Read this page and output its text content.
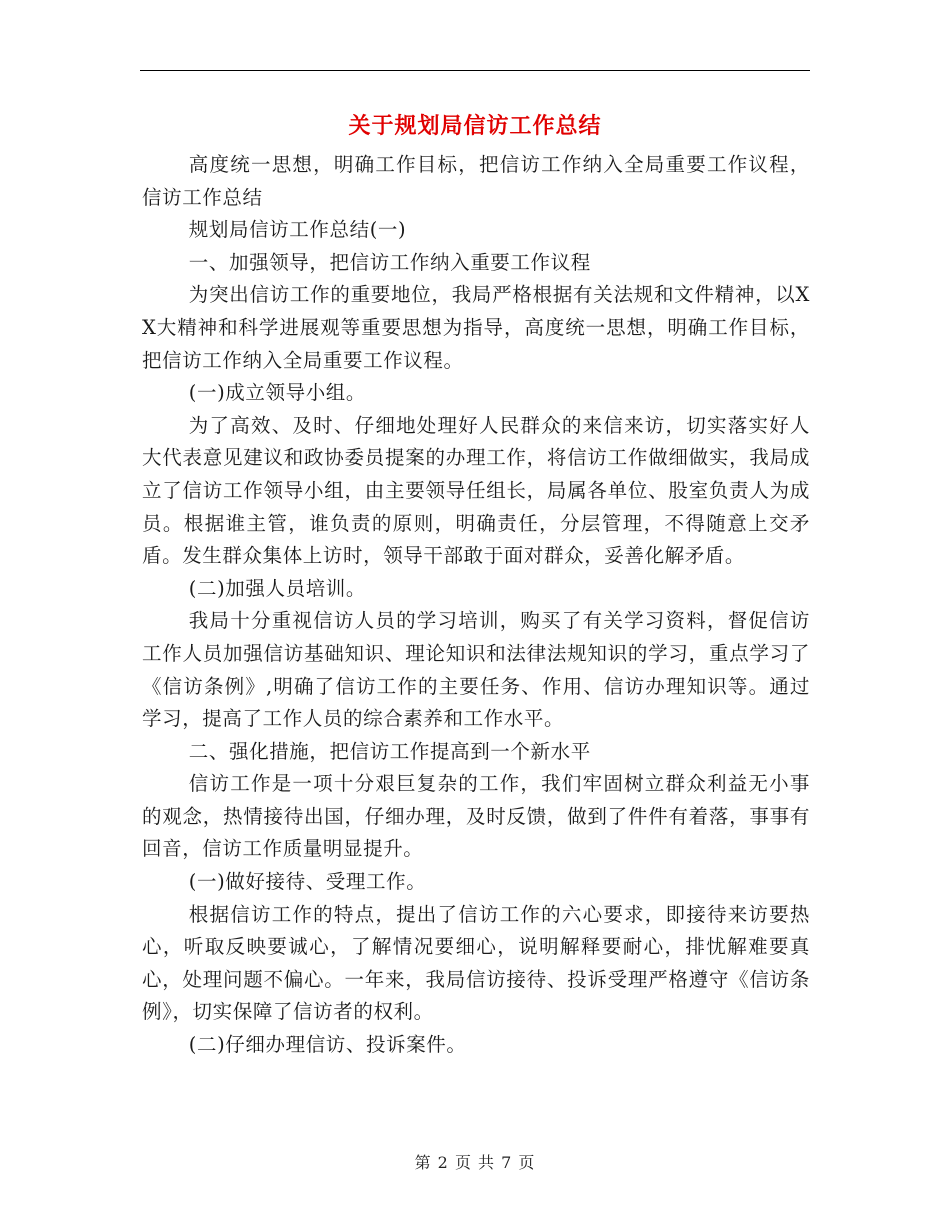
关于规划局信访工作总结

高度统一思想，明确工作目标，把信访工作纳入全局重要工作议程，信访工作总结

规划局信访工作总结(一)

一、加强领导，把信访工作纳入重要工作议程

为突出信访工作的重要地位，我局严格根据有关法规和文件精神，以XX大精神和科学进展观等重要思想为指导，高度统一思想，明确工作目标，把信访工作纳入全局重要工作议程。

(一)成立领导小组。

为了高效、及时、仔细地处理好人民群众的来信来访，切实落实好人大代表意见建议和政协委员提案的办理工作，将信访工作做细做实，我局成立了信访工作领导小组，由主要领导任组长，局属各单位、股室负责人为成员。根据谁主管，谁负责的原则，明确责任，分层管理，不得随意上交矛盾。发生群众集体上访时，领导干部敢于面对群众，妥善化解矛盾。

(二)加强人员培训。

我局十分重视信访人员的学习培训，购买了有关学习资料，督促信访工作人员加强信访基础知识、理论知识和法律法规知识的学习，重点学习了《信访条例》,明确了信访工作的主要任务、作用、信访办理知识等。通过学习，提高了工作人员的综合素养和工作水平。

二、强化措施，把信访工作提高到一个新水平

信访工作是一项十分艰巨复杂的工作，我们牢固树立群众利益无小事的观念，热情接待出国，仔细办理，及时反馈，做到了件件有着落，事事有回音，信访工作质量明显提升。

(一)做好接待、受理工作。

根据信访工作的特点，提出了信访工作的六心要求，即接待来访要热心，听取反映要诚心，了解情况要细心，说明解释要耐心，排忧解难要真心，处理问题不偏心。一年来，我局信访接待、投诉受理严格遵守《信访条例》，切实保障了信访者的权利。

(二)仔细办理信访、投诉案件。

第 2 页 共 7 页
